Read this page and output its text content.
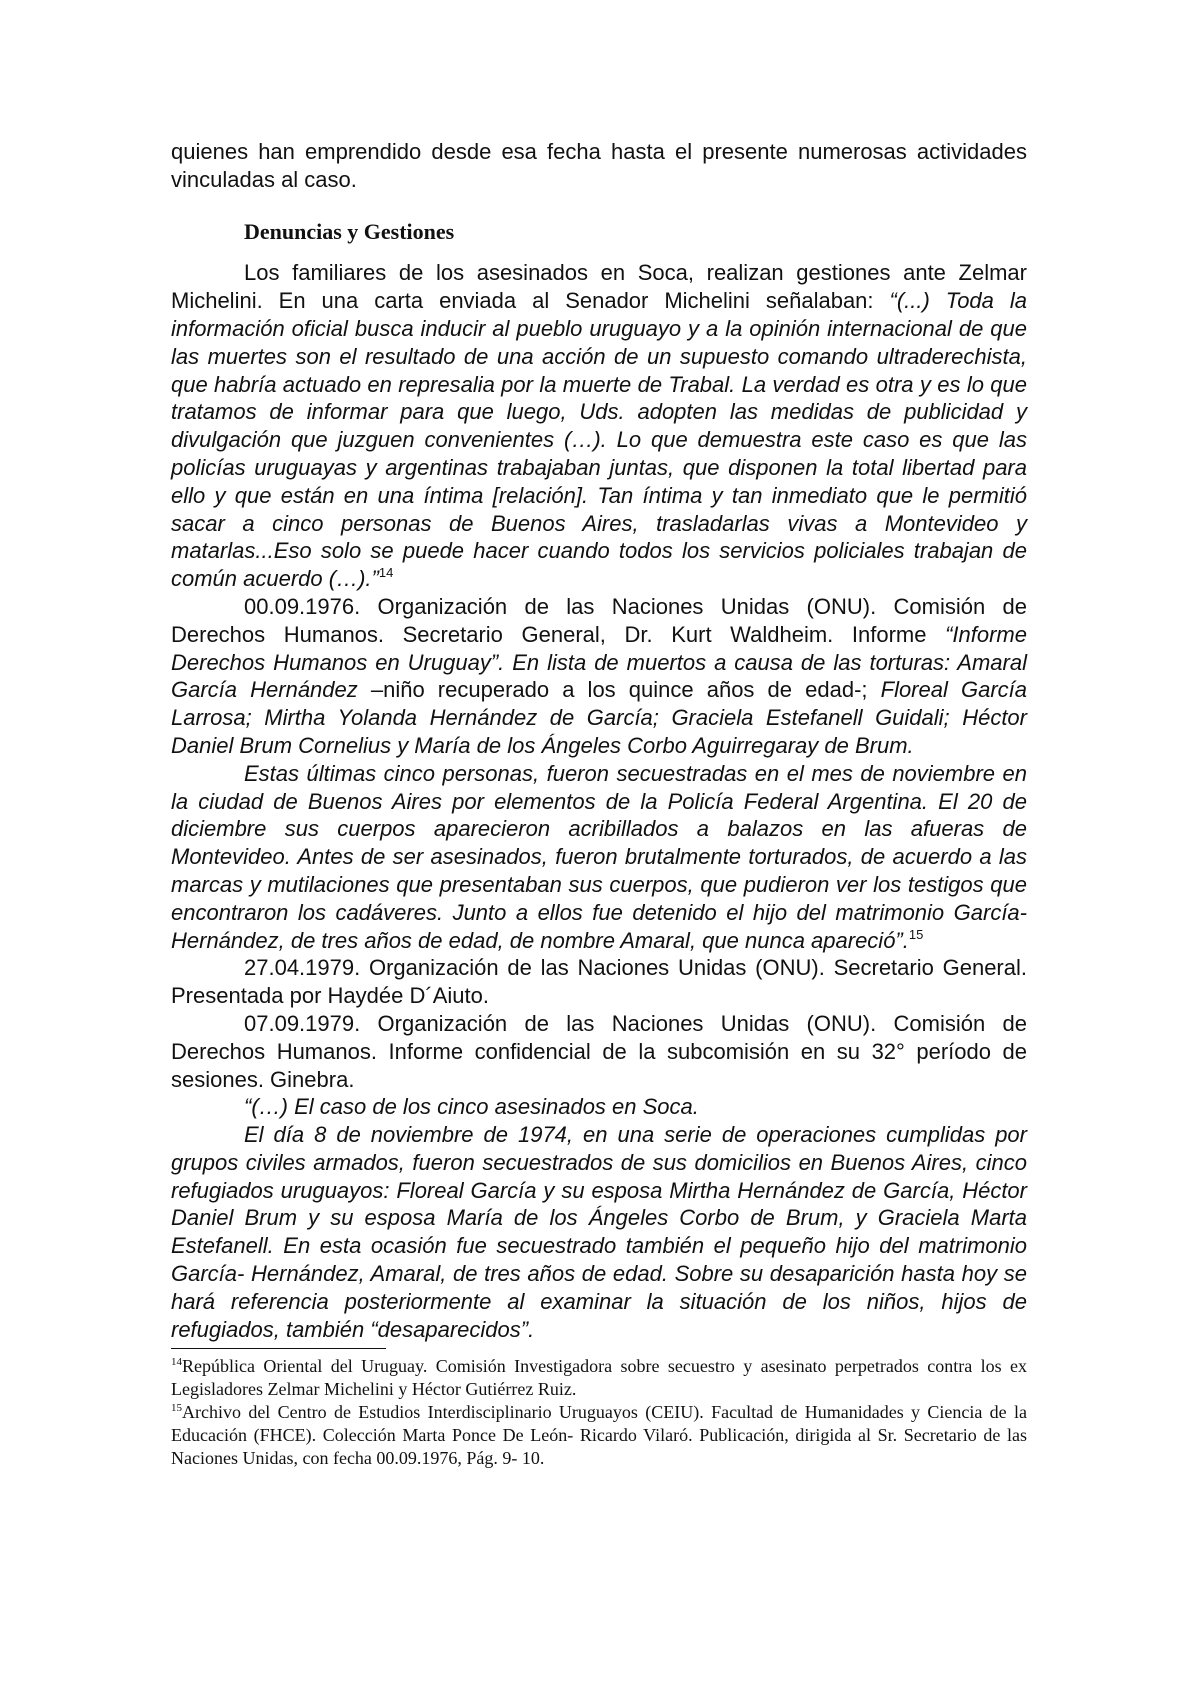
quienes han emprendido desde esa fecha hasta el presente numerosas actividades vinculadas al caso.

Denuncias y Gestiones

Los familiares de los asesinados en Soca, realizan gestiones ante Zelmar Michelini. En una carta enviada al Senador Michelini señalaban: “(...) Toda la información oficial busca inducir al pueblo uruguayo y a la opinión internacional de que las muertes son el resultado de una acción de un supuesto comando ultraderechista, que habría actuado en represalia por la muerte de Trabal. La verdad es otra y es lo que tratamos de informar para que luego, Uds. adopten las medidas de publicidad y divulgación que juzguen convenientes (…). Lo que demuestra este caso es que las policías uruguayas y argentinas trabajaban juntas, que disponen la total libertad para ello y que están en una íntima [relación]. Tan íntima y tan inmediato que le permitió sacar a cinco personas de Buenos Aires, trasladarlas vivas a Montevideo y matarlas...Eso solo se puede hacer cuando todos los servicios policiales trabajan de común acuerdo (…).”$^{14}$

00.09.1976. Organización de las Naciones Unidas (ONU). Comisión de Derechos Humanos. Secretario General, Dr. Kurt Waldheim. Informe “Informe Derechos Humanos en Uruguay”. En lista de muertos a causa de las torturas: Amaral García Hernández –niño recuperado a los quince años de edad-; Floreal García Larrosa; Mirtha Yolanda Hernández de García; Graciela Estefanell Guidali; Héctor Daniel Brum Cornelius y María de los Ángeles Corbo Aguirregaray de Brum.

Estas últimas cinco personas, fueron secuestradas en el mes de noviembre en la ciudad de Buenos Aires por elementos de la Policía Federal Argentina. El 20 de diciembre sus cuerpos aparecieron acribillados a balazos en las afueras de Montevideo. Antes de ser asesinados, fueron brutalmente torturados, de acuerdo a las marcas y mutilaciones que presentaban sus cuerpos, que pudieron ver los testigos que encontraron los cadáveres. Junto a ellos fue detenido el hijo del matrimonio García-Hernández, de tres años de edad, de nombre Amaral, que nunca apareció”.$^{15}$

27.04.1979. Organización de las Naciones Unidas (ONU). Secretario General. Presentada por Haydée D´Aiuto.

07.09.1979. Organización de las Naciones Unidas (ONU). Comisión de Derechos Humanos. Informe confidencial de la subcomisión en su 32° período de sesiones. Ginebra.

“(…) El caso de los cinco asesinados en Soca.

El día 8 de noviembre de 1974, en una serie de operaciones cumplidas por grupos civiles armados, fueron secuestrados de sus domicilios en Buenos Aires, cinco refugiados uruguayos: Floreal García y su esposa Mirtha Hernández de García, Héctor Daniel Brum y su esposa María de los Ángeles Corbo de Brum, y Graciela Marta Estefanell. En esta ocasión fue secuestrado también el pequeño hijo del matrimonio García- Hernández, Amaral, de tres años de edad. Sobre su desaparición hasta hoy se hará referencia posteriormente al examinar la situación de los niños, hijos de refugiados, también “desaparecidos”.

$^{14}$República Oriental del Uruguay. Comisión Investigadora sobre secuestro y asesinato perpetrados contra los ex Legisladores Zelmar Michelini y Héctor Gutiérrez Ruiz.

$^{15}$Archivo del Centro de Estudios Interdisciplinario Uruguayos (CEIU). Facultad de Humanidades y Ciencia de la Educación (FHCE). Colección Marta Ponce De León- Ricardo Vilaró. Publicación, dirigida al Sr. Secretario de las Naciones Unidas, con fecha 00.09.1976, Pág. 9- 10.
